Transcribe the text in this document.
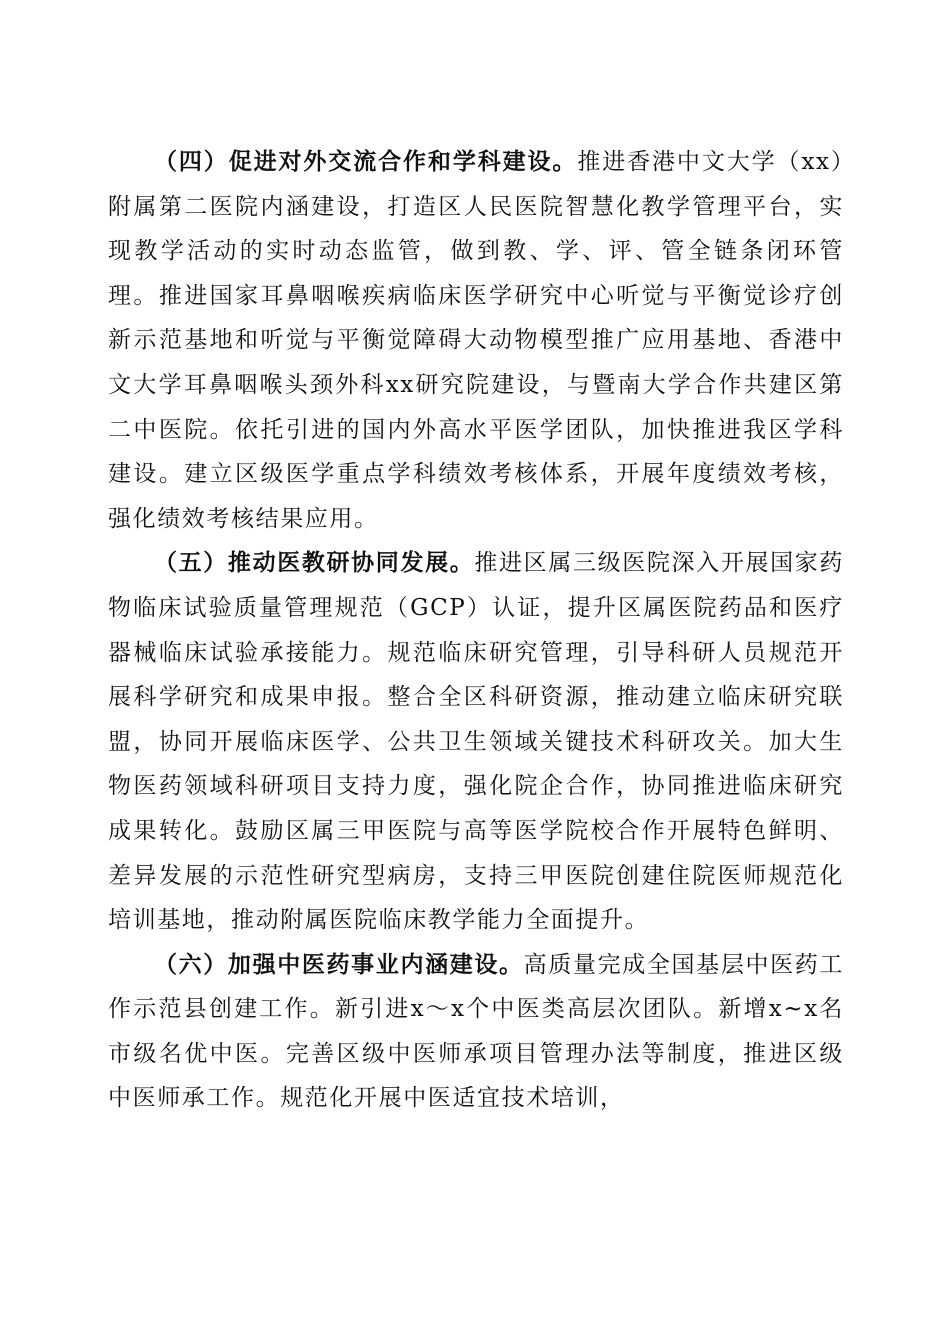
（四）促进对外交流合作和学科建设。推进香港中文大学（xx）附属第二医院内涵建设，打造区人民医院智慧化教学管理平台，实现教学活动的实时动态监管，做到教、学、评、管全链条闭环管理。推进国家耳鼻咽喉疾病临床医学研究中心听觉与平衡觉诊疗创新示范基地和听觉与平衡觉障碍大动物模型推广应用基地、香港中文大学耳鼻咽喉头颈外科xx研究院建设，与暨南大学合作共建区第二中医院。依托引进的国内外高水平医学团队，加快推进我区学科建设。建立区级医学重点学科绩效考核体系，开展年度绩效考核，强化绩效考核结果应用。

（五）推动医教研协同发展。推进区属三级医院深入开展国家药物临床试验质量管理规范（GCP）认证，提升区属医院药品和医疗器械临床试验承接能力。规范临床研究管理，引导科研人员规范开展科学研究和成果申报。整合全区科研资源，推动建立临床研究联盟，协同开展临床医学、公共卫生领域关键技术科研攻关。加大生物医药领域科研项目支持力度，强化院企合作，协同推进临床研究成果转化。鼓励区属三甲医院与高等医学院校合作开展特色鲜明、差异发展的示范性研究型病房，支持三甲医院创建住院医师规范化培训基地，推动附属医院临床教学能力全面提升。

（六）加强中医药事业内涵建设。高质量完成全国基层中医药工作示范县创建工作。新引进x～x个中医类高层次团队。新增x~x名市级名优中医。完善区级中医师承项目管理办法等制度，推进区级中医师承工作。规范化开展中医适宜技术培训，
